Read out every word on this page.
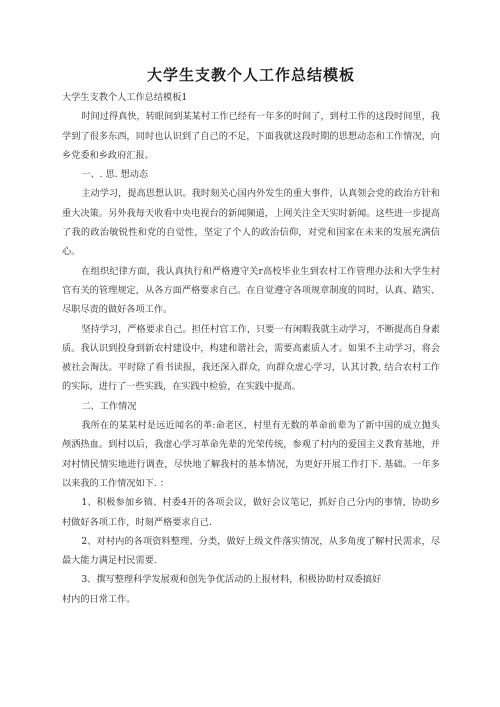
大学生支教个人工作总结模板

大学生支教个人工作总结模板1

时间过得真快，转眼间到某某村工作已经有一年多的时间了，到村工作的这段时间里，我学到了很多东西，同时也认识到了自己的不足，下面我就这段时期的思想动态和工作情况，向乡党委和乡政府汇报。

一、. 思. 想动态

主动学习，提高思想认识。我时刻关心国内外发生的重大事件，认真领会党的政治方针和重大决策。另外我每天收看中央电视台的新闻频道，上网关注全天实时新闻。这些进一步提高了我的政治敏锐性和党的自觉性，坚定了个人的政治信仰，对党和国家在未来的发展充满信心。

在组织纪律方面，我认真执行和严格遵守关r高校毕业生到农村工作管理办法和大学生村官有关的管理规定，从各方面严格要求自己。在自觉遵守各项规章制度的同时，认真、踏实、尽职尽责的做好各项工作。

坚持学习，严格要求自己。担任村官工作，只要一有闲暇我就主动学习，不断提高自身素质。我认识到投身到新农村建设中，构建和谐社会，需要高素质人才。如果不主动学习，将会被社会淘汰。平时除了看书读报，我还深入群众，向群众虚心学习，认其讨教, 结合农村工作的实际，进行了一些实践，在实践中检验，在实践中提高。

二、工作情况

我所在的某某村是远近闻名的革:命老区，村里有无数的革命前辈为了新中国的成立抛头颅洒热血。到村以后，我虚心学习革命先辈的光荣传统，参观了村内的爱国主义教育基地，并对村情民情实地进行调查，尽快地了解我村的基本情况，为更好开展工作打下. 基础。一年多以来我的工作情况如下. ：

1、积极参加乡镇、村委4开的各项会议，做好会议笔记，抓好自己分内的事情，协助乡村做好各项工作，时刻严格要求自己.

2、对村内的各项资料整理、分类，做好上级文件落实情况，从多角度了解村民需求，尽最大能力满足村民需要.

3、撰写整理科学发展观和创先争优活动的上报材料，积极协助村双委搞好

村内的日常工作。
